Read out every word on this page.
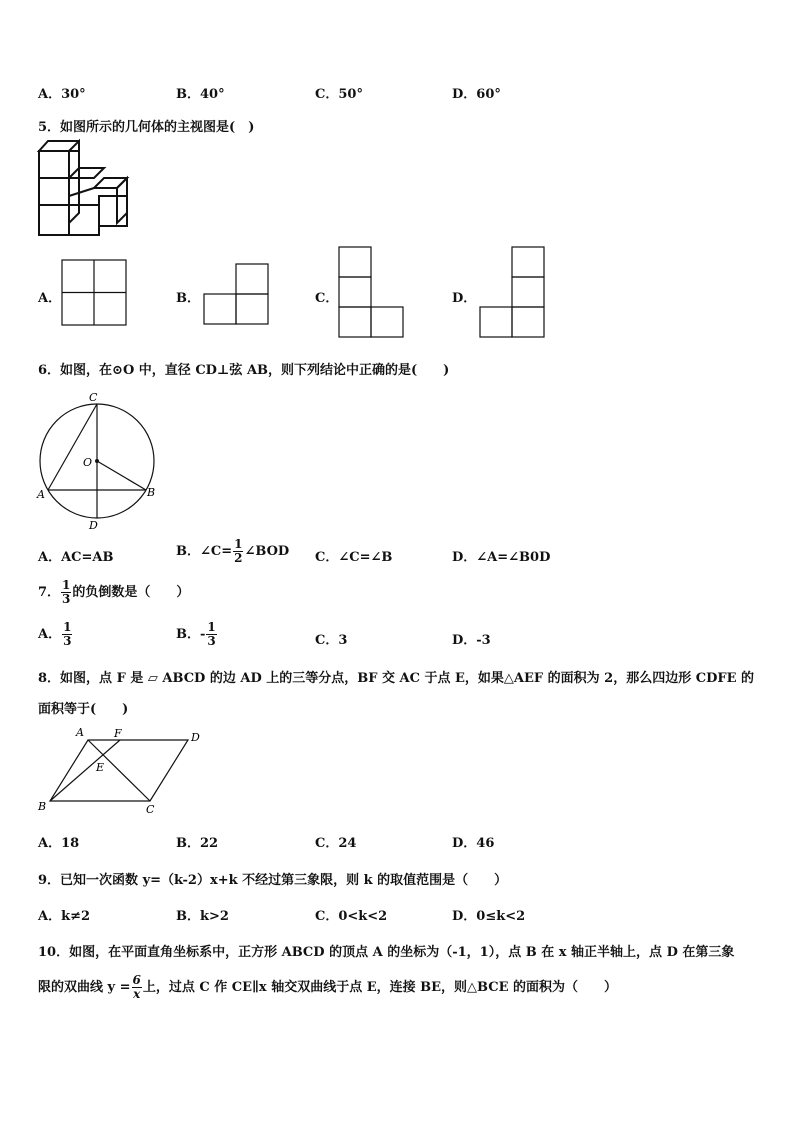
A．30°	B．40°	C．50°	D．60°
5．如图所示的几何体的主视图是(　)
A．	B．	C．	D．
6．如图，在⊙O 中，直径 CD⊥弦 AB，则下列结论中正确的是(　　)
C
O
A	B
D
A．AC=AB	B．∠C= $\frac{1}{2}$ ∠BOD C．∠C=∠B	D．∠A=∠B0D
7． $\frac{1}{3}$ 的负倒数是（　　）
A． $\frac{1}{3}$	B．- $\frac{1}{3}$	C．3	D．-3
8．如图，点 F 是 ▱ ABCD 的边 AD 上的三等分点，BF 交 AC 于点 E，如果△AEF 的面积为 2，那么四边形 CDFE 的
面积等于(　　)
A	F	D
E
B	C
A．18	B．22	C．24	D．46
9．已知一次函数 y=（k-2）x+k 不经过第三象限，则 k 的取值范围是（　　）
A．k≠2	B．k>2	C．0<k<2	D．0≤k<2
10．如图，在平面直角坐标系中，正方形 ABCD 的顶点 A 的坐标为（-1，1），点 B 在 x 轴正半轴上，点 D 在第三象
限的双曲线 $y = \frac{6}{x}$ 上，过点 C 作 CE∥x 轴交双曲线于点 E，连接 BE，则△BCE 的面积为（　　）
